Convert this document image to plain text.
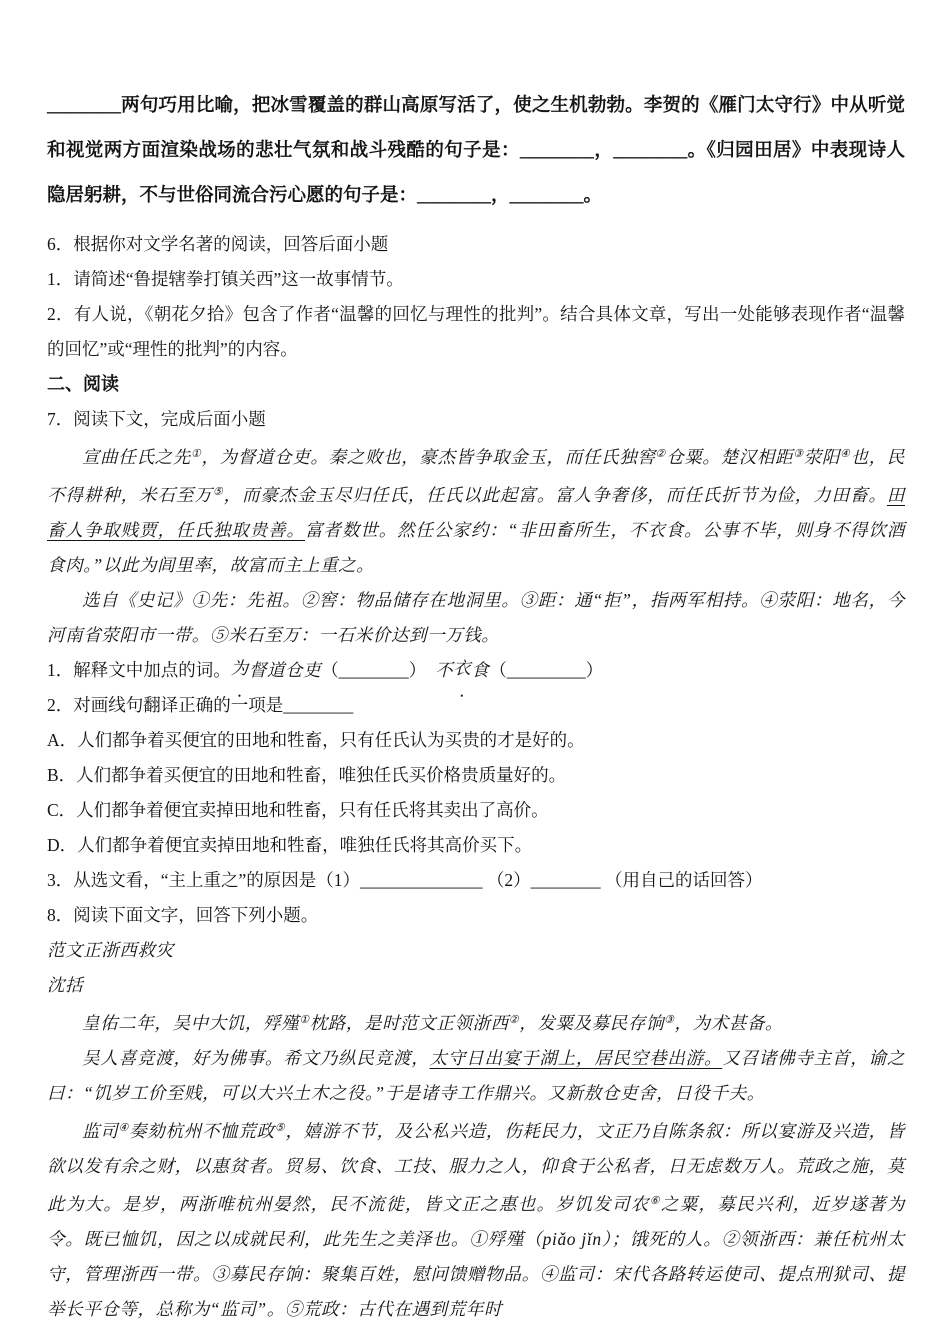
________两句巧用比喻，把冰雪覆盖的群山高原写活了，使之生机勃勃。李贺的《雁门太守行》中从听觉和视觉两方面渲染战场的悲壮气氛和战斗残酷的句子是：________，________。《归园田居》中表现诗人隐居躬耕，不与世俗同流合污心愿的句子是：________，________。

6．根据你对文学名著的阅读，回答后面小题

1．请简述“鲁提辖拳打镇关西”这一故事情节。

2．有人说，《朝花夕拾》包含了作者“温馨的回忆与理性的批判”。结合具体文章，写出一处能够表现作者“温馨的回忆”或“理性的批判”的内容。

二、阅读

7．阅读下文，完成后面小题

宣曲任氏之先①，为督道仓吏。秦之败也，豪杰皆争取金玉，而任氏独窖②仓粟。楚汉相距③荥阳④也，民不得耕种，米石至万⑤，而豪杰金玉尽归任氏，任氏以此起富。富人争奢侈，而任氏折节为俭，力田畜。田畜人争取贱贾，任氏独取贵善。富者数世。然任公家约：“非田畜所生，不衣食。公事不毕，则身不得饮酒食肉。”以此为闾里率，故富而主上重之。

选自《史记》①先：先祖。②窖：物品储存在地洞里。③距：通“拒”，指两军相持。④荥阳：地名，今河南省荥阳市一带。⑤米石至万：一石米价达到一万钱。

1．解释文中加点的词。为督道仓吏（________） 不衣食（_________）

2．对画线句翻译正确的一项是________

A．人们都争着买便宜的田地和牲畜，只有任氏认为买贵的才是好的。

B．人们都争着买便宜的田地和牲畜，唯独任氏买价格贵质量好的。

C．人们都争着便宜卖掉田地和牲畜，只有任氏将其卖出了高价。

D．人们都争着便宜卖掉田地和牲畜，唯独任氏将其高价买下。

3．从选文看，“主上重之”的原因是（1）______________ （2）________ （用自己的话回答）

8．阅读下面文字，回答下列小题。

范文正浙西救灾

沈括

皇佑二年，吴中大饥，殍殣①枕路，是时范文正领浙西②，发粟及募民存饷③，为术甚备。

吴人喜竞渡，好为佛事。希文乃纵民竞渡，太守日出宴于湖上，居民空巷出游。又召诸佛寺主首，谕之曰：“饥岁工价至贱，可以大兴土木之役。”于是诸寺工作鼎兴。又新敖仓吏舍，日役千夫。

监司④奏劾杭州不恤荒政⑤，嬉游不节，及公私兴造，伤耗民力，文正乃自陈条叙：所以宴游及兴造，皆欲以发有余之财，以惠贫者。贸易、饮食、工技、服力之人，仰食于公私者，日无虑数万人。荒政之施，莫此为大。是岁，两浙唯杭州晏然，民不流徙，皆文正之惠也。岁饥发司农⑥之粟，募民兴利，近岁遂著为令。既已恤饥，因之以成就民利，此先生之美泽也。①殍殣（piǎo jǐn）；饿死的人。②领浙西：兼任杭州太守，管理浙西一带。③募民存饷：聚集百姓，慰问馈赠物品。④监司：宋代各路转运使司、提点刑狱司、提举长平仓等，总称为“监司”。⑤荒政：古代在遇到荒年时
